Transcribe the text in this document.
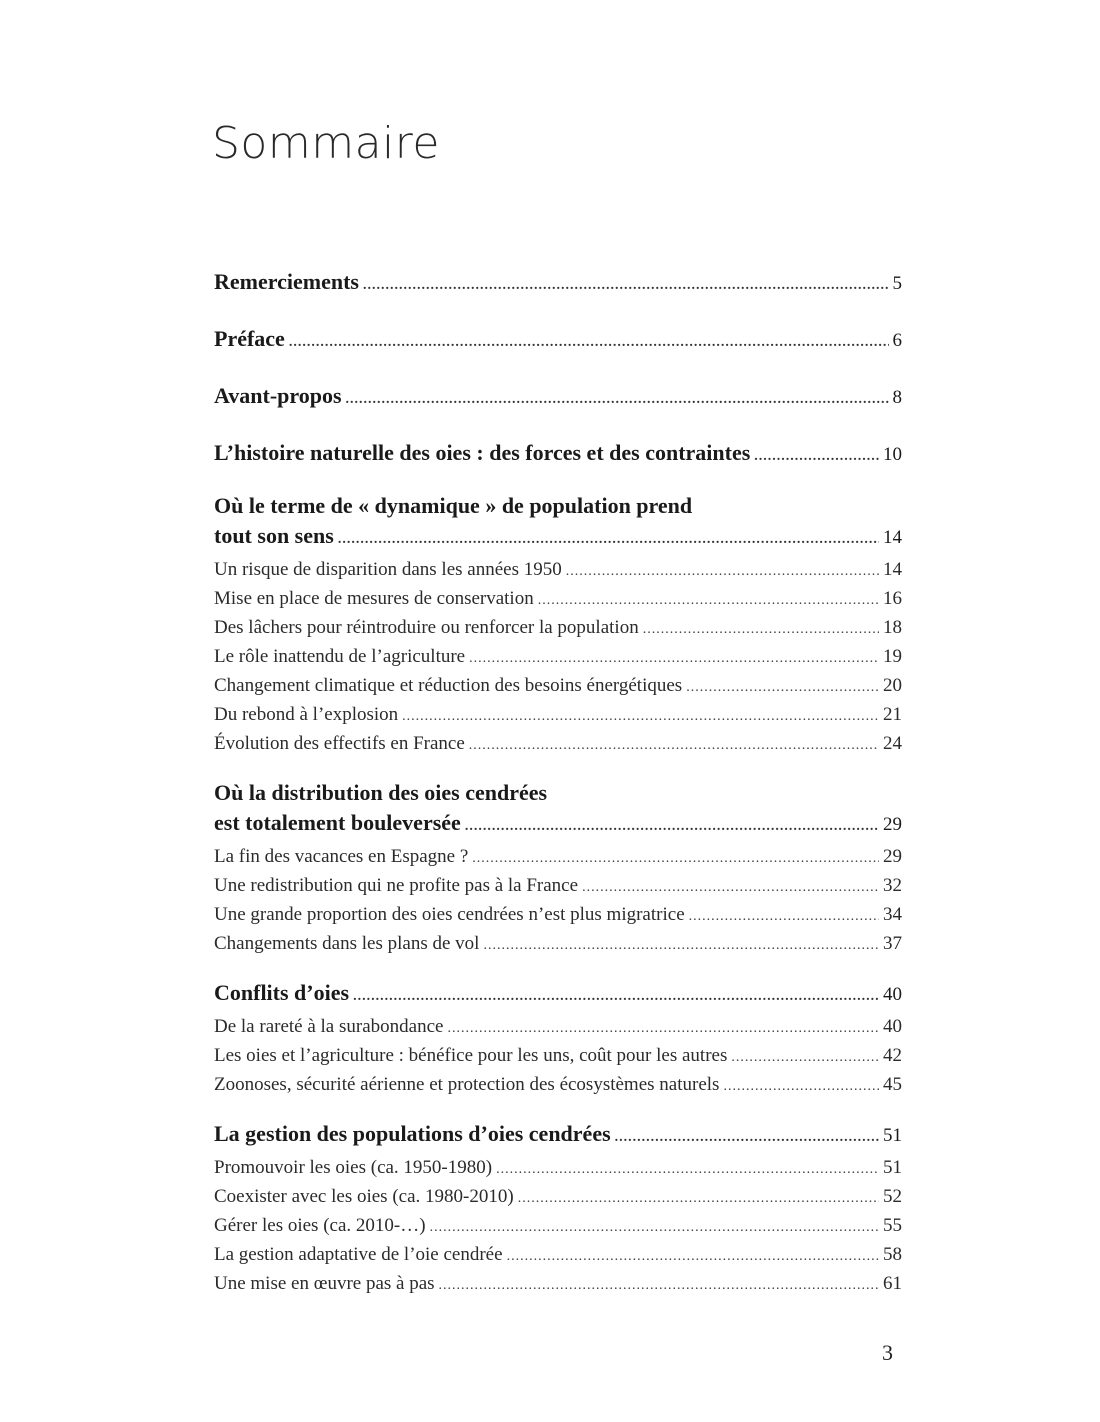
Sommaire
Remerciements .....	5
Préface .....	6
Avant-propos .....	8
L’histoire naturelle des oies : des forces et des contraintes .....	10
Où le terme de « dynamique » de population prend
tout son sens .....	14
Un risque de disparition dans les années 1950 .....	14
Mise en place de mesures de conservation .....	16
Des lâchers pour réintroduire ou renforcer la population .....	18
Le rôle inattendu de l’agriculture .....	19
Changement climatique et réduction des besoins énergétiques .....	20
Du rebond à l’explosion .....	21
Évolution des effectifs en France .....	24
Où la distribution des oies cendrées
est totalement bouleversée .....	29
La fin des vacances en Espagne ? .....	29
Une redistribution qui ne profite pas à la France .....	32
Une grande proportion des oies cendrées n’est plus migratrice .....	34
Changements dans les plans de vol .....	37
Conflits d’oies .....	40
De la rareté à la surabondance .....	40
Les oies et l’agriculture : bénéfice pour les uns, coût pour les autres .....	42
Zoonoses, sécurité aérienne et protection des écosystèmes naturels .....	45
La gestion des populations d’oies cendrées .....	51
Promouvoir les oies (ca. 1950-1980) .....	51
Coexister avec les oies (ca. 1980-2010) .....	52
Gérer les oies (ca. 2010-…) .....	55
La gestion adaptative de l’oie cendrée .....	58
Une mise en œuvre pas à pas .....	61
3
